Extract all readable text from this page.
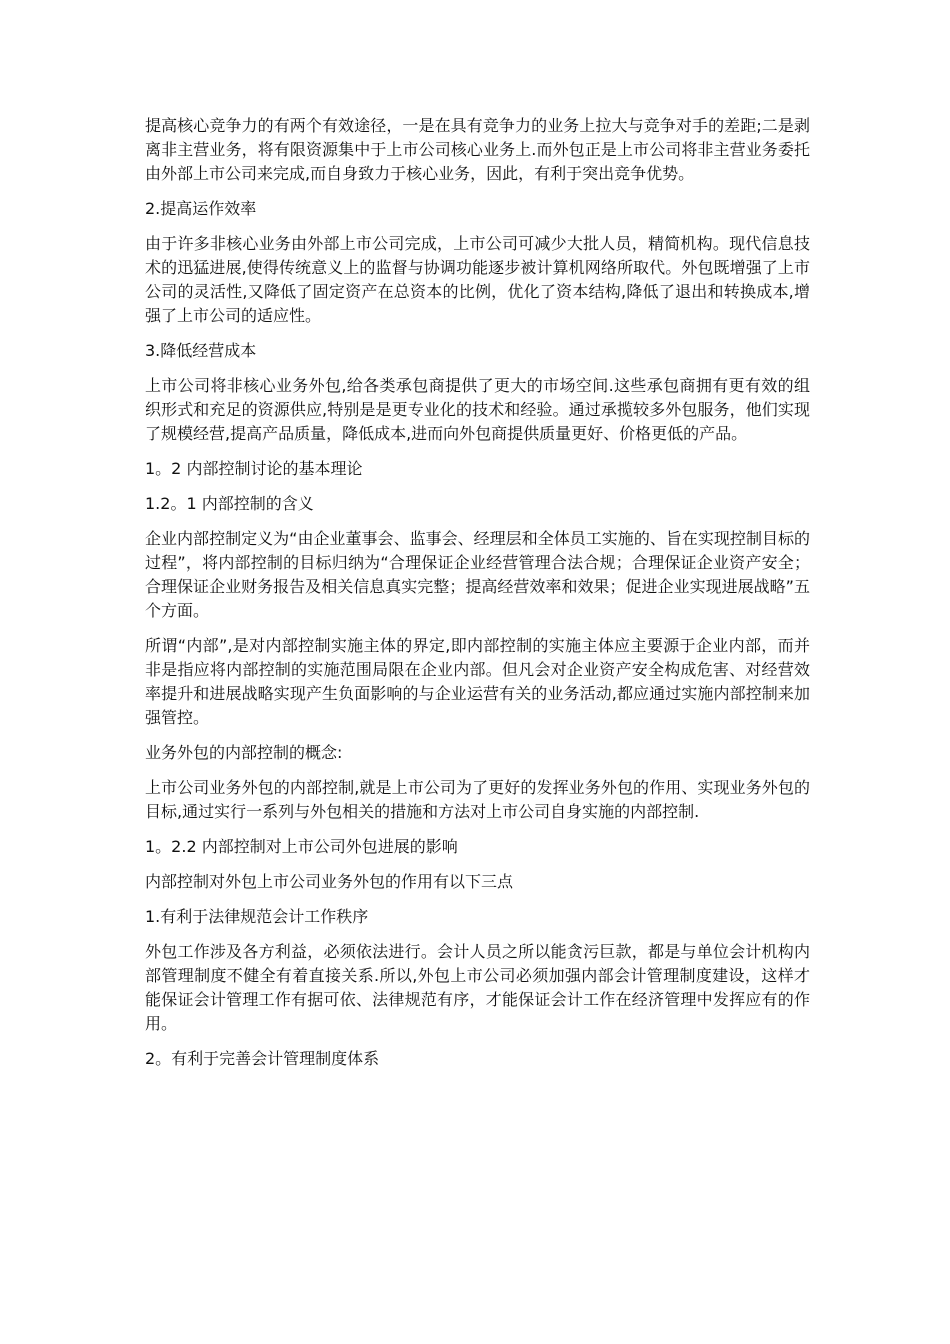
提高核心竞争力的有两个有效途径，一是在具有竞争力的业务上拉大与竞争对手的差距;二是剥离非主营业务，将有限资源集中于上市公司核心业务上.而外包正是上市公司将非主营业务委托由外部上市公司来完成,而自身致力于核心业务，因此，有利于突出竞争优势。

2.提高运作效率

由于许多非核心业务由外部上市公司完成，上市公司可减少大批人员，精简机构。现代信息技术的迅猛进展,使得传统意义上的监督与协调功能逐步被计算机网络所取代。外包既增强了上市公司的灵活性,又降低了固定资产在总资本的比例，优化了资本结构,降低了退出和转换成本,增强了上市公司的适应性。

3.降低经营成本

上市公司将非核心业务外包,给各类承包商提供了更大的市场空间.这些承包商拥有更有效的组织形式和充足的资源供应,特别是是更专业化的技术和经验。通过承揽较多外包服务，他们实现了规模经营,提高产品质量，降低成本,进而向外包商提供质量更好、价格更低的产品。

1。2 内部控制讨论的基本理论

1.2。1 内部控制的含义

企业内部控制定义为“由企业董事会、监事会、经理层和全体员工实施的、旨在实现控制目标的过程”，将内部控制的目标归纳为“合理保证企业经营管理合法合规；合理保证企业资产安全；合理保证企业财务报告及相关信息真实完整；提高经营效率和效果；促进企业实现进展战略”五个方面。

所谓“内部”,是对内部控制实施主体的界定,即内部控制的实施主体应主要源于企业内部，而并非是指应将内部控制的实施范围局限在企业内部。但凡会对企业资产安全构成危害、对经营效率提升和进展战略实现产生负面影响的与企业运营有关的业务活动,都应通过实施内部控制来加强管控。

业务外包的内部控制的概念:

上市公司业务外包的内部控制,就是上市公司为了更好的发挥业务外包的作用、实现业务外包的目标,通过实行一系列与外包相关的措施和方法对上市公司自身实施的内部控制.

1。2.2 内部控制对上市公司外包进展的影响

内部控制对外包上市公司业务外包的作用有以下三点

1.有利于法律规范会计工作秩序

外包工作涉及各方利益，必须依法进行。会计人员之所以能贪污巨款，都是与单位会计机构内部管理制度不健全有着直接关系.所以,外包上市公司必须加强内部会计管理制度建设，这样才能保证会计管理工作有据可依、法律规范有序，才能保证会计工作在经济管理中发挥应有的作用。

2。有利于完善会计管理制度体系
